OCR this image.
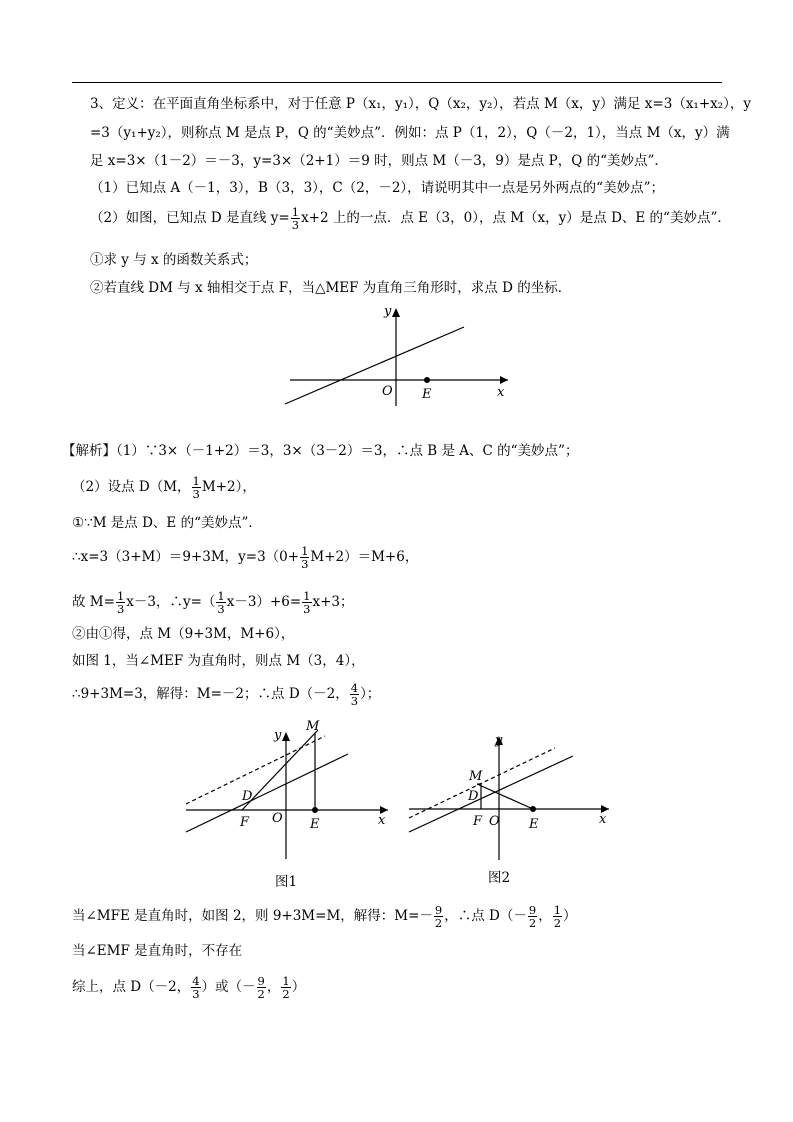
3、定义：在平面直角坐标系中，对于任意 P（x₁，y₁），Q（x₂，y₂），若点 M（x，y）满足 x=3（x₁+x₂），y
=3（y₁+y₂），则称点 M 是点 P，Q 的“美妙点”．例如：点 P（1，2），Q（－2，1），当点 M（x，y）满
足 x=3×（1－2）＝－3，y=3×（2+1）＝9 时，则点 M（－3，9）是点 P，Q 的“美妙点”．
（1）已知点 A（－1，3），B（3，3），C（2，－2），请说明其中一点是另外两点的“美妙点”；
（2）如图，已知点 D 是直线 $y= \frac{1}{3} x+2$ 上的一点．点 E（3，0），点 M（x，y）是点 D、E 的“美妙点”．
①求 y 与 x 的函数关系式；
②若直线 DM 与 x 轴相交于点 F，当△MEF 为直角三角形时，求点 D 的坐标．
y
x
O E
【解析】（1）∵3×（－1+2）＝3，3×（3－2）＝3，∴点 B 是 A、C 的“美妙点”；
（2）设点 D（M， $\frac{1}{3} M+2$），
①∵M 是点 D、E 的“美妙点”．
∴x=3（3+M）＝9+3M，$y=3(0+ \frac{1}{3} M+2)=M+6$，
故 $M= \frac{1}{3} x-3$，∴y=（ $\frac{1}{3} x-3)+6= \frac{1}{3} x+3$；
②由①得，点 M（9+3M，M+6），
如图 1，当∠MEF 为直角时，则点 M（3，4），
∴9+3M=3，解得：M=－2；∴点 D（－2， $\frac{4}{3}$ ）；
M
y
D
F O E	x
图1
M
y
D
F O E	x
图2
当∠MFE 是直角时，如图 2，则 9+3M=M，解得：$M=- \frac{9}{2}$ ，∴点 $D(- \frac{9}{2}$ ， $\frac{1}{2}$ ）
当∠EMF 是直角时，不存在
综上，点 D（－2， $\frac{4}{3}$ ）或（－ $\frac{9}{2}$ ， $\frac{1}{2}$ ）
